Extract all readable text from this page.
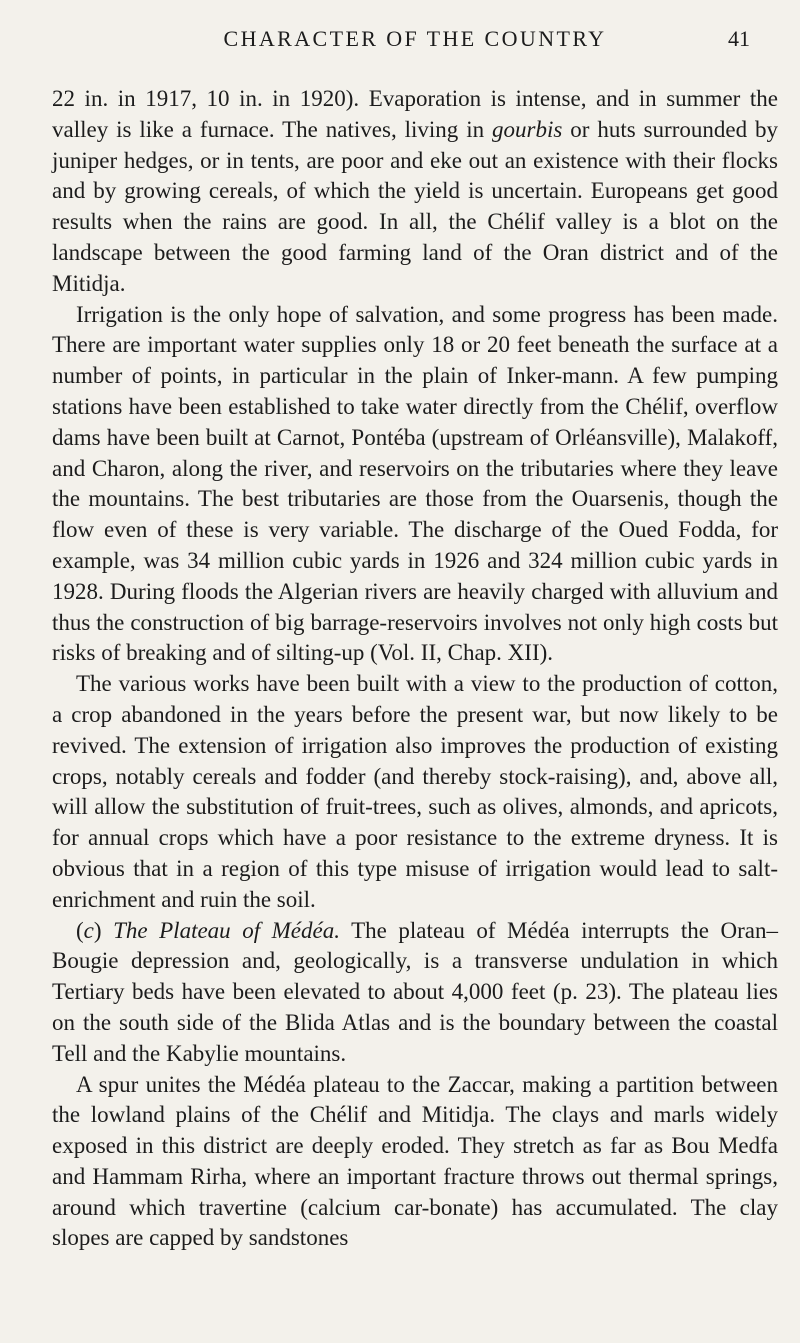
CHARACTER OF THE COUNTRY	41

22 in. in 1917, 10 in. in 1920). Evaporation is intense, and in summer the valley is like a furnace. The natives, living in gourbis or huts surrounded by juniper hedges, or in tents, are poor and eke out an existence with their flocks and by growing cereals, of which the yield is uncertain. Europeans get good results when the rains are good. In all, the Chélif valley is a blot on the landscape between the good farming land of the Oran district and of the Mitidja.

Irrigation is the only hope of salvation, and some progress has been made. There are important water supplies only 18 or 20 feet beneath the surface at a number of points, in particular in the plain of Inker-mann. A few pumping stations have been established to take water directly from the Chélif, overflow dams have been built at Carnot, Pontéba (upstream of Orléansville), Malakoff, and Charon, along the river, and reservoirs on the tributaries where they leave the mountains. The best tributaries are those from the Ouarsenis, though the flow even of these is very variable. The discharge of the Oued Fodda, for example, was 34 million cubic yards in 1926 and 324 million cubic yards in 1928. During floods the Algerian rivers are heavily charged with alluvium and thus the construction of big barrage-reservoirs involves not only high costs but risks of breaking and of silting-up (Vol. II, Chap. XII).

The various works have been built with a view to the production of cotton, a crop abandoned in the years before the present war, but now likely to be revived. The extension of irrigation also improves the production of existing crops, notably cereals and fodder (and thereby stock-raising), and, above all, will allow the substitution of fruit-trees, such as olives, almonds, and apricots, for annual crops which have a poor resistance to the extreme dryness. It is obvious that in a region of this type misuse of irrigation would lead to salt-enrichment and ruin the soil.

(c) The Plateau of Médéa. The plateau of Médéa interrupts the Oran–Bougie depression and, geologically, is a transverse undulation in which Tertiary beds have been elevated to about 4,000 feet (p. 23). The plateau lies on the south side of the Blida Atlas and is the boundary between the coastal Tell and the Kabylie mountains.

A spur unites the Médéa plateau to the Zaccar, making a partition between the lowland plains of the Chélif and Mitidja. The clays and marls widely exposed in this district are deeply eroded. They stretch as far as Bou Medfa and Hammam Rirha, where an important fracture throws out thermal springs, around which travertine (calcium car-bonate) has accumulated. The clay slopes are capped by sandstones
